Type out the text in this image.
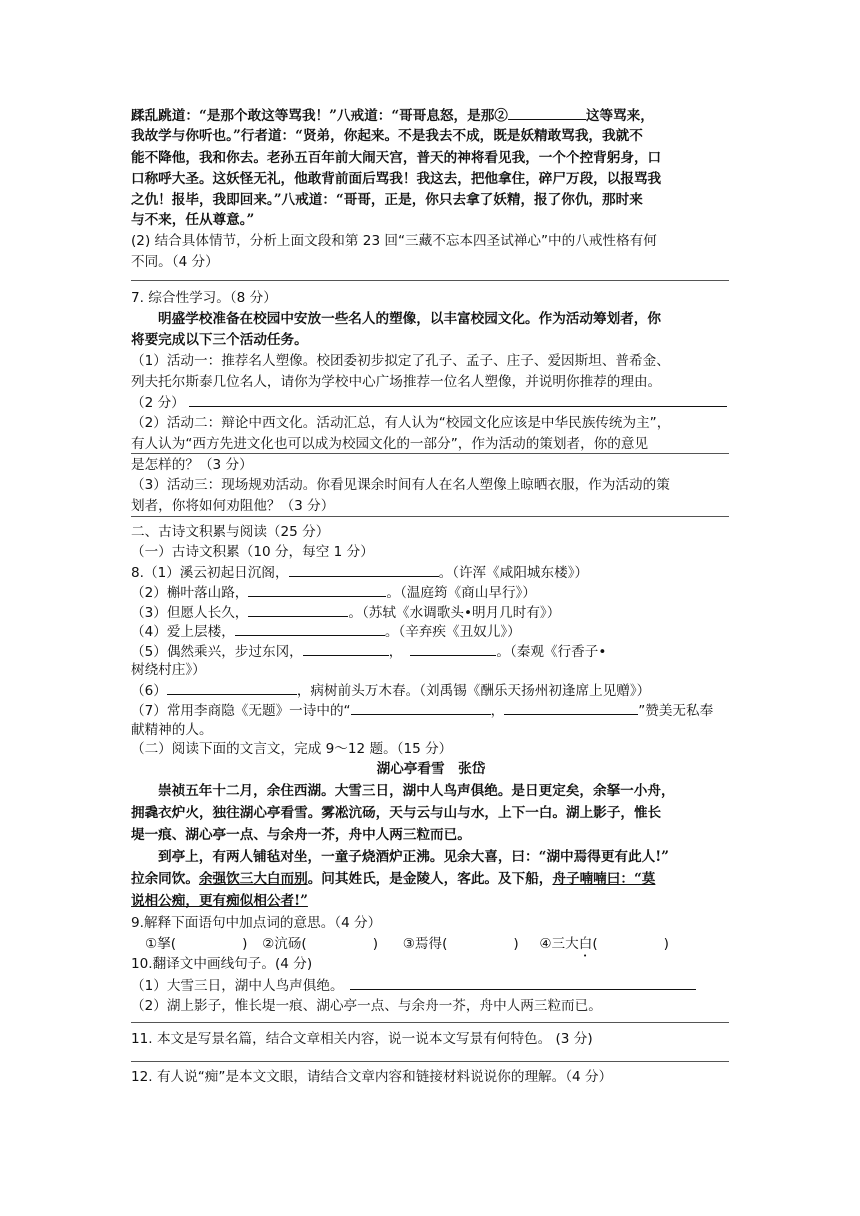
蹂乱跳道：“是那个敢这等骂我！”八戒道：“哥哥息怒，是那②	这等骂来，
我故学与你听也。”行者道：“贤弟，你起来。不是我去不成，既是妖精敢骂我，我就不
能不降他，我和你去。老孙五百年前大闹天宫，普天的神将看见我，一个个控背躬身，口
口称呼大圣。这妖怪无礼，他敢背前面后骂我！我这去，把他拿住，碎尸万段，以报骂我
之仇！报毕，我即回来。”八戒道：“哥哥，正是，你只去拿了妖精，报了你仇，那时来
与不来，任从尊意。”
(2) 结合具体情节，分析上面文段和第 23 回“三藏不忘本四圣试禅心”中的八戒性格有何
不同。（4 分）
7. 综合性学习。（8 分）
明盛学校准备在校园中安放一些名人的塑像，以丰富校园文化。作为活动筹划者，你
将要完成以下三个活动任务。
（1）活动一：推荐名人塑像。校团委初步拟定了孔子、孟子、庄子、爱因斯坦、普希金、
列夫托尔斯泰几位名人，请你为学校中心广场推荐一位名人塑像，并说明你推荐的理由。
（2 分）
（2）活动二：辩论中西文化。活动汇总，有人认为“校园文化应该是中华民族传统为主”，
有人认为“西方先进文化也可以成为校园文化的一部分”，作为活动的策划者，你的意见
是怎样的？（3 分）
（3）活动三：现场规劝活动。你看见课余时间有人在名人塑像上晾晒衣服，作为活动的策
划者，你将如何劝阻他？（3 分）
二、古诗文积累与阅读（25 分）
（一）古诗文积累（10 分，每空 1 分）
8.（1）溪云初起日沉阁，	。（许浑《咸阳城东楼》）
（2）槲叶落山路，	。（温庭筠《商山早行》）
（3）但愿人长久，	。（苏轼《水调歌头•明月几时有》）
（4）爱上层楼，	。（辛弃疾《丑奴儿》）
（5）偶然乘兴，步过东冈，	，	。（秦观《行香子•
树绕村庄》）
（6）	，病树前头万木春。（刘禹锡《酬乐天扬州初逢席上见赠》）
（7）常用李商隐《无题》一诗中的“	，	”赞美无私奉
献精神的人。
（二）阅读下面的文言文，完成 9～12 题。（15 分）
湖心亭看雪　张岱
崇祯五年十二月，余住西湖。大雪三日，湖中人鸟声俱绝。是日更定矣，余拏一小舟，
拥毳衣炉火，独往湖心亭看雪。雾凇沆砀，天与云与山与水，上下一白。湖上影子，惟长
堤一痕、湖心亭一点、与余舟一芥，舟中人两三粒而已。
到亭上，有两人铺毡对坐，一童子烧酒炉正沸。见余大喜，曰：“湖中焉得更有此人!”
拉余同饮。余强饮三大白而别。问其姓氏，是金陵人，客此。及下船，舟子喃喃曰：“莫
说相公痴，更有痴似相公者!”
9.解释下面语句中加点词的意思。（4 分）
①拏(	) ②沆砀(	) ③焉得(	) ④三大白(	)
10.翻译文中画线句子。(4 分)
（1）大雪三日，湖中人鸟声俱绝。
（2）湖上影子，惟长堤一痕、湖心亭一点、与余舟一芥，舟中人两三粒而已。
11. 本文是写景名篇，结合文章相关内容，说一说本文写景有何特色。 (3 分)
12. 有人说“痴”是本文文眼，请结合文章内容和链接材料说说你的理解。（4 分）
